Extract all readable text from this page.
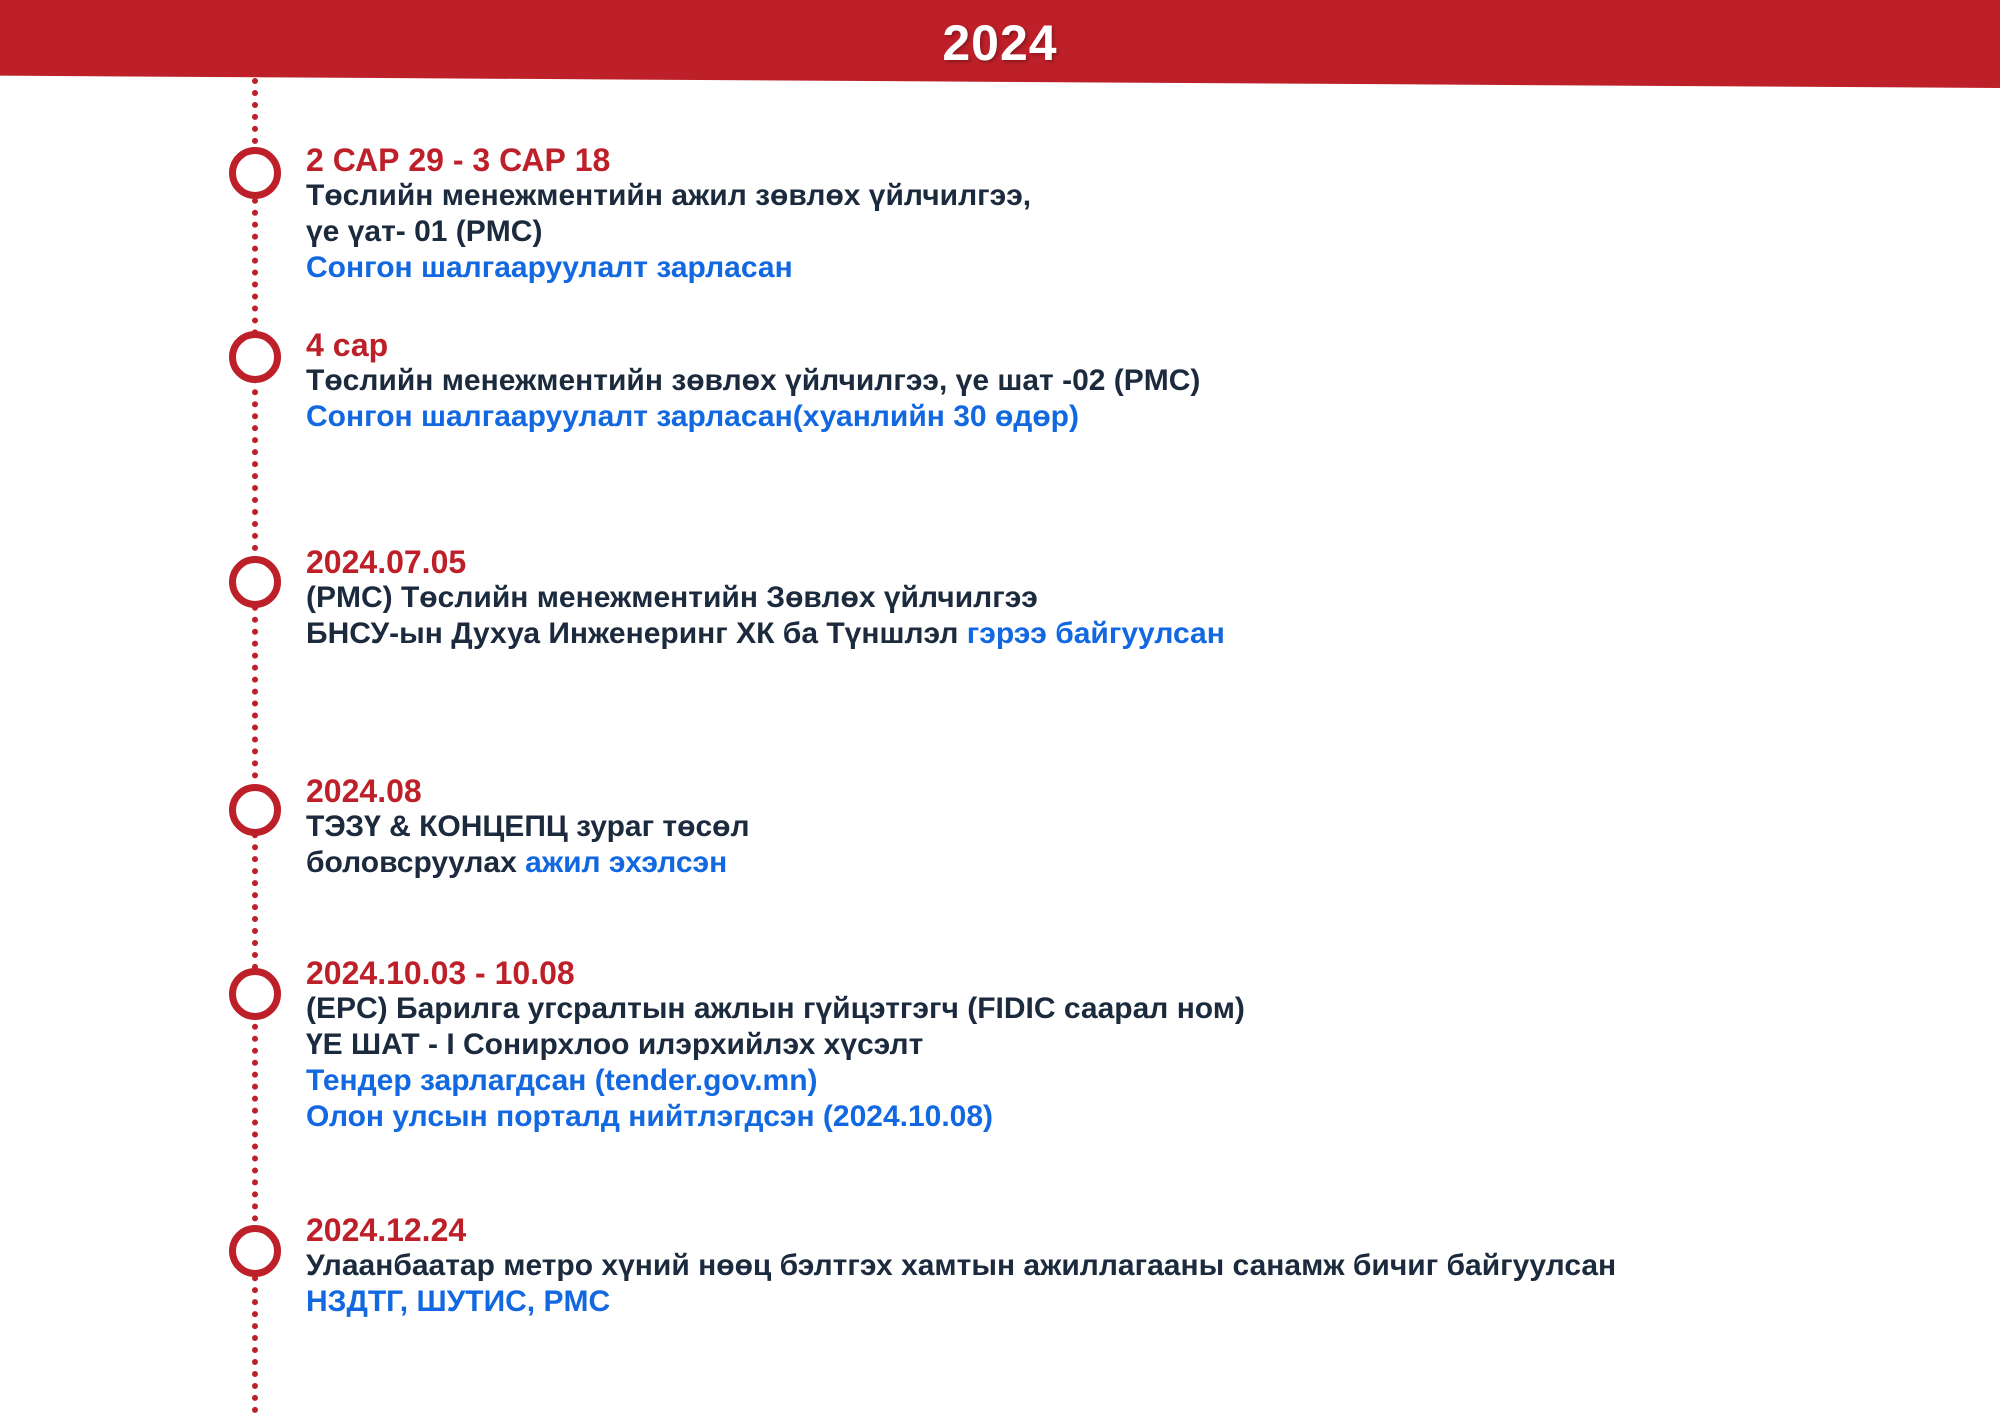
2024
2 САР 29 - 3 САР 18
Төслийн менежментийн ажил зөвлөх үйлчилгээ,
үе үат- 01 (PMC)
Сонгон шалгааруулалт зарласан
4 сар
Төслийн менежментийн зөвлөх үйлчилгээ, үе шат -02 (PMC)
Сонгон шалгааруулалт зарласан(хуанлийн 30 өдөр)
2024.07.05
(PMC) Төслийн менежментийн Зөвлөх үйлчилгээ
БНСУ-ын Духуа Инженеринг ХК ба Түншлэл гэрээ байгуулсан
2024.08
ТЭЗҮ & КОНЦЕПЦ зураг төсөл
боловсруулах ажил эхэлсэн
2024.10.03 - 10.08
(EPC) Барилга угсралтын ажлын гүйцэтгэгч (FIDIC саарал ном)
ҮЕ ШАТ - I Сонирхлоо илэрхийлэх хүсэлт
Тендер зарлагдсан (tender.gov.mn)
Олон улсын порталд нийтлэгдсэн (2024.10.08)
2024.12.24
Улаанбаатар метро хүний нөөц бэлтгэх хамтын ажиллагааны санамж бичиг байгуулсан
НЗДТГ, ШУТИС, PMC
